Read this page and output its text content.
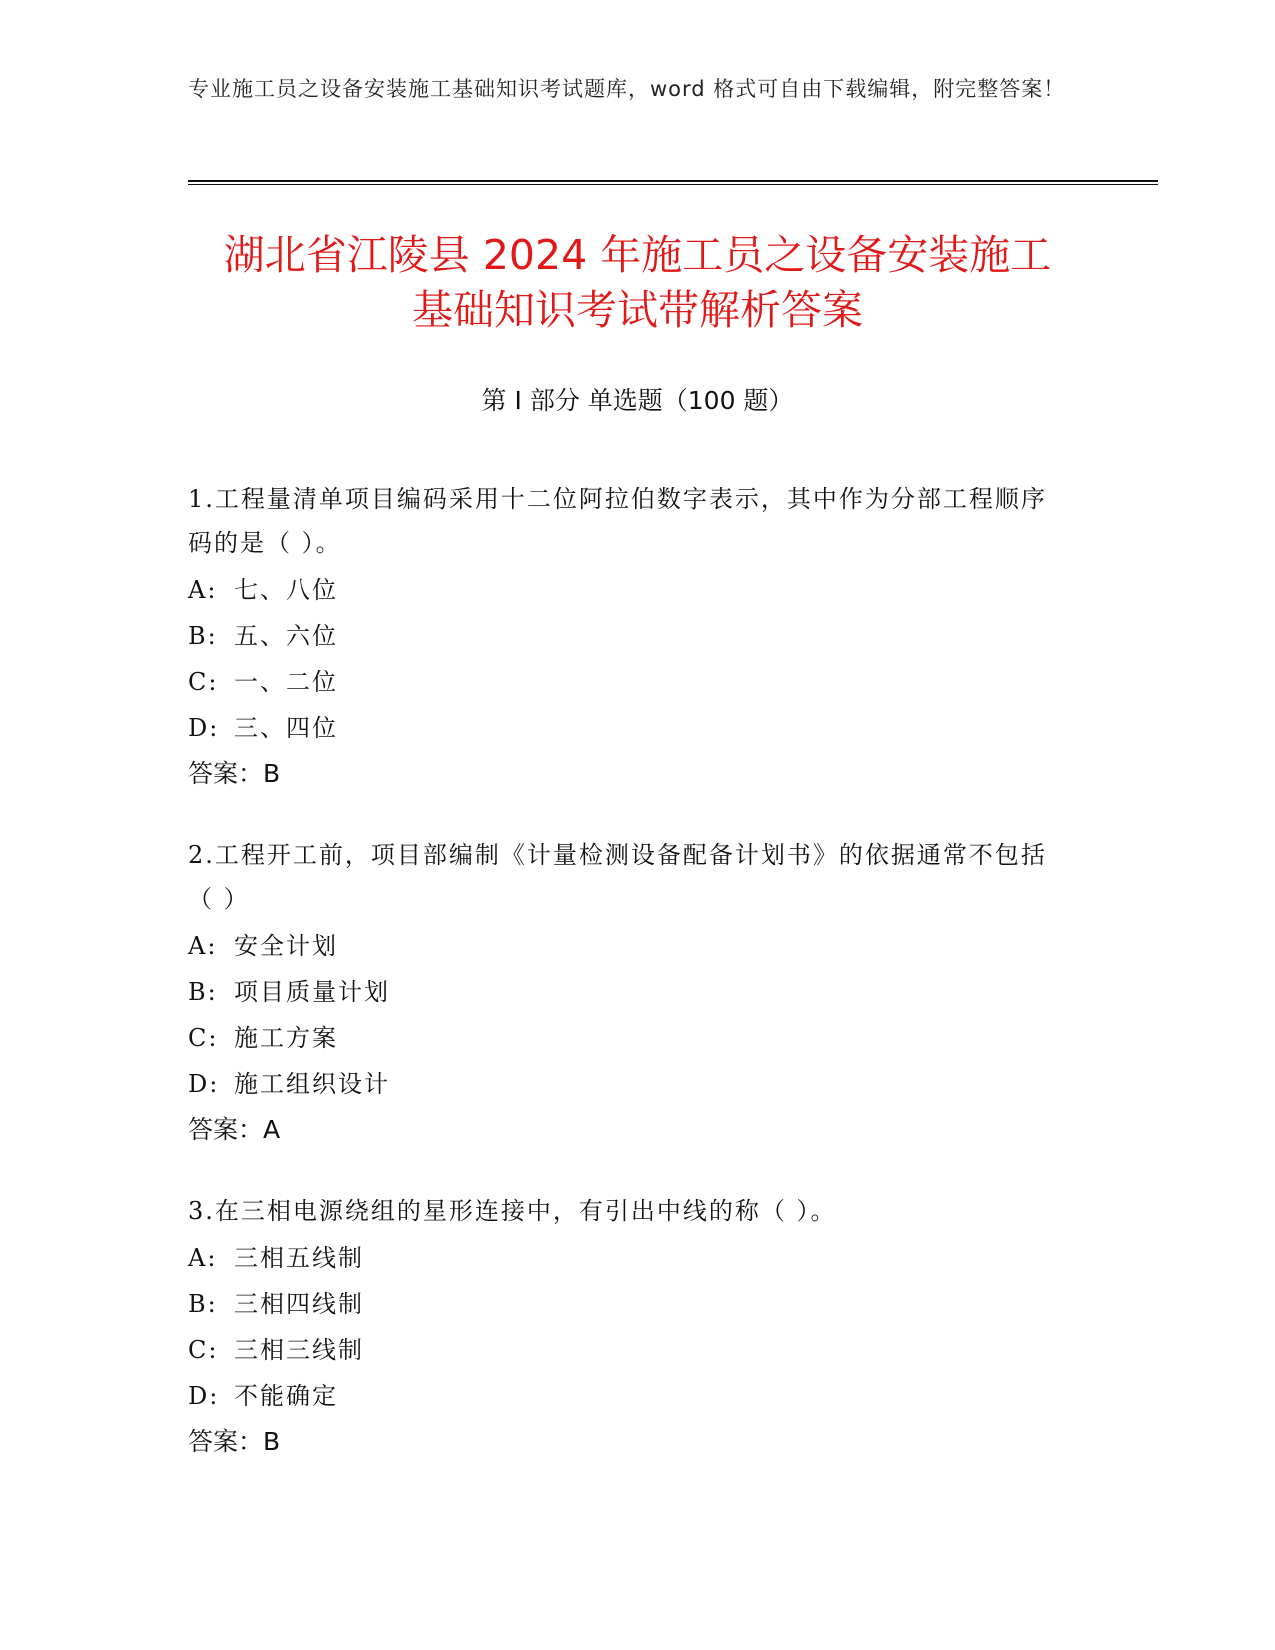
专业施工员之设备安装施工基础知识考试题库，word 格式可自由下载编辑，附完整答案！
湖北省江陵县 2024 年施工员之设备安装施工
基础知识考试带解析答案
第 I 部分 单选题（100 题）

1.工程量清单项目编码采用十二位阿拉伯数字表示，其中作为分部工程顺序码的是（ ）。

A: 七、八位
B: 五、六位
C: 一、二位
D: 三、四位
答案：B

2.工程开工前，项目部编制《计量检测设备配备计划书》的依据通常不包括（ ）

A: 安全计划
B: 项目质量计划
C: 施工方案
D: 施工组织设计
答案：A

3.在三相电源绕组的星形连接中，有引出中线的称（ ）。

A: 三相五线制
B: 三相四线制
C: 三相三线制
D: 不能确定
答案：B
